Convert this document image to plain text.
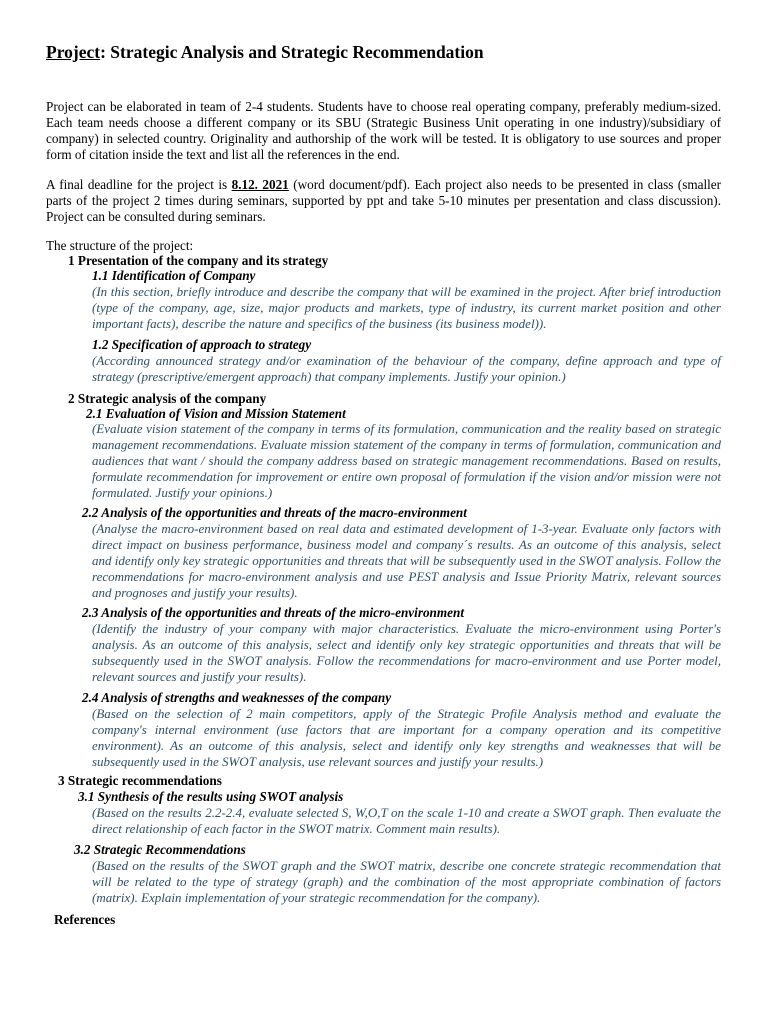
Project: Strategic Analysis and Strategic Recommendation
Project can be elaborated in team of 2-4 students. Students have to choose real operating company, preferably medium-sized. Each team needs choose a different company or its SBU (Strategic Business Unit operating in one industry)/subsidiary of company) in selected country. Originality and authorship of the work will be tested. It is obligatory to use sources and proper form of citation inside the text and list all the references in the end.
A final deadline for the project is 8.12. 2021 (word document/pdf). Each project also needs to be presented in class (smaller parts of the project 2 times during seminars, supported by ppt and take 5-10 minutes per presentation and class discussion). Project can be consulted during seminars.
The structure of the project:
1 Presentation of the company and its strategy
1.1 Identification of Company
(In this section, briefly introduce and describe the company that will be examined in the project. After brief introduction (type of the company, age, size, major products and markets, type of industry, its current market position and other important facts), describe the nature and specifics of the business (its business model)).
1.2 Specification of approach to strategy
(According announced strategy and/or examination of the behaviour of the company, define approach and type of strategy (prescriptive/emergent approach) that company implements. Justify your opinion.)
2 Strategic analysis of the company
2.1 Evaluation of Vision and Mission Statement
(Evaluate vision statement of the company in terms of its formulation, communication and the reality based on strategic management recommendations. Evaluate mission statement of the company in terms of formulation, communication and audiences that want / should the company address based on strategic management recommendations. Based on results, formulate recommendation for improvement or entire own proposal of formulation if the vision and/or mission were not formulated. Justify your opinions.)
2.2 Analysis of the opportunities and threats of the macro-environment
(Analyse the macro-environment based on real data and estimated development of 1-3-year. Evaluate only factors with direct impact on business performance, business model and company´s results. As an outcome of this analysis, select and identify only key strategic opportunities and threats that will be subsequently used in the SWOT analysis. Follow the recommendations for macro-environment analysis and use PEST analysis and Issue Priority Matrix, relevant sources and prognoses and justify your results).
2.3 Analysis of the opportunities and threats of the micro-environment
(Identify the industry of your company with major characteristics. Evaluate the micro-environment using Porter's analysis. As an outcome of this analysis, select and identify only key strategic opportunities and threats that will be subsequently used in the SWOT analysis. Follow the recommendations for macro-environment and use Porter model, relevant sources and justify your results).
2.4 Analysis of strengths and weaknesses of the company
(Based on the selection of 2 main competitors, apply of the Strategic Profile Analysis method and evaluate the company's internal environment (use factors that are important for a company operation and its competitive environment). As an outcome of this analysis, select and identify only key strengths and weaknesses that will be subsequently used in the SWOT analysis, use relevant sources and justify your results.)
3 Strategic recommendations
3.1 Synthesis of the results using SWOT analysis
(Based on the results 2.2-2.4, evaluate selected S, W,O,T on the scale 1-10 and create a SWOT graph. Then evaluate the direct relationship of each factor in the SWOT matrix. Comment main results).
3.2 Strategic Recommendations
(Based on the results of the SWOT graph and the SWOT matrix, describe one concrete strategic recommendation that will be related to the type of strategy (graph) and the combination of the most appropriate combination of factors (matrix). Explain implementation of your strategic recommendation for the company).
References
